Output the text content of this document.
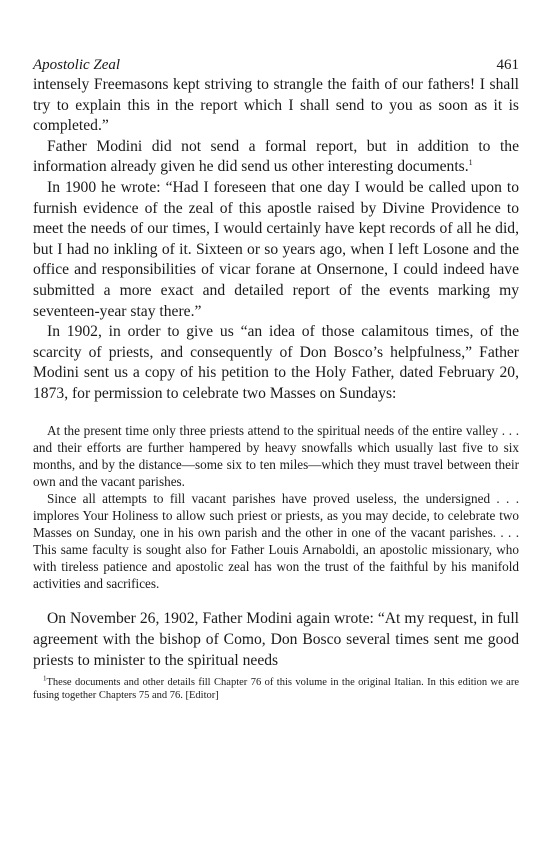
Apostolic Zeal	461

intensely Freemasons kept striving to strangle the faith of our fathers! I shall try to explain this in the report which I shall send to you as soon as it is completed.”

Father Modini did not send a formal report, but in addition to the information already given he did send us other interesting documents.$^1$

In 1900 he wrote: “Had I foreseen that one day I would be called upon to furnish evidence of the zeal of this apostle raised by Divine Providence to meet the needs of our times, I would certainly have kept records of all he did, but I had no inkling of it. Sixteen or so years ago, when I left Losone and the office and responsibilities of vicar forane at Onsernone, I could indeed have submitted a more exact and detailed report of the events marking my seventeen-year stay there.”

In 1902, in order to give us “an idea of those calamitous times, of the scarcity of priests, and consequently of Don Bosco’s helpfulness,” Father Modini sent us a copy of his petition to the Holy Father, dated February 20, 1873, for permission to celebrate two Masses on Sundays:

At the present time only three priests attend to the spiritual needs of the entire valley . . . and their efforts are further hampered by heavy snowfalls which usually last five to six months, and by the distance—some six to ten miles—which they must travel between their own and the vacant parishes.

Since all attempts to fill vacant parishes have proved useless, the undersigned . . . implores Your Holiness to allow such priest or priests, as you may decide, to celebrate two Masses on Sunday, one in his own parish and the other in one of the vacant parishes. . . . This same faculty is sought also for Father Louis Arnaboldi, an apostolic missionary, who with tireless patience and apostolic zeal has won the trust of the faithful by his manifold activities and sacrifices.

On November 26, 1902, Father Modini again wrote: “At my request, in full agreement with the bishop of Como, Don Bosco several times sent me good priests to minister to the spiritual needs

$^1$These documents and other details fill Chapter 76 of this volume in the original Italian. In this edition we are fusing together Chapters 75 and 76. [Editor]
